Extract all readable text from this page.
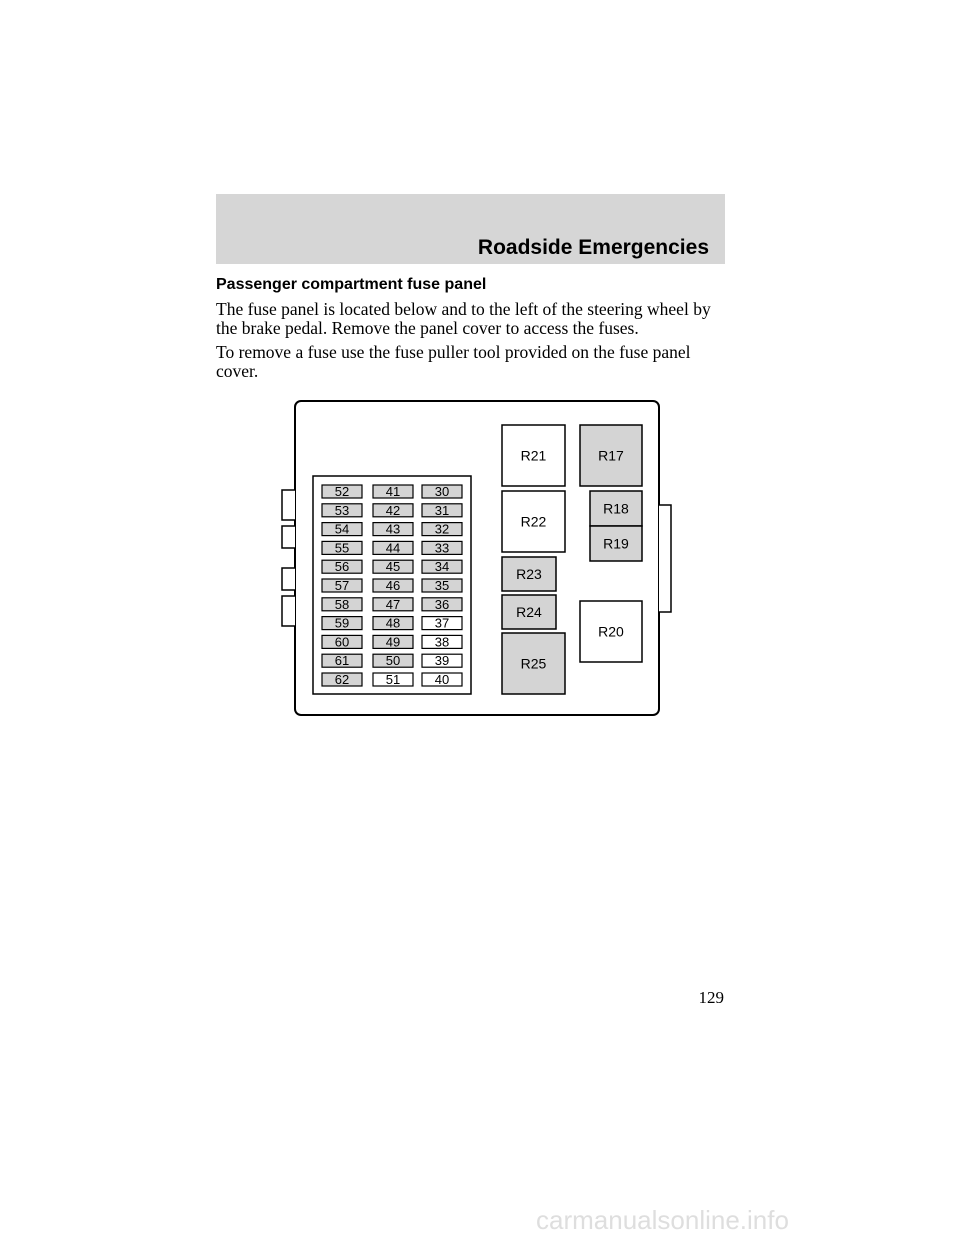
Roadside Emergencies
Passenger compartment fuse panel

The fuse panel is located below and to the left of the steering wheel by the brake pedal. Remove the panel cover to access the fuses.

To remove a fuse use the fuse puller tool provided on the fuse panel cover.

52
53
54
55
56
57
58
59
60
61
62
41
42
43
44
45
46
47
48
49
50
51
30
31
32
33
34
35
36
37
38
39
40
R21	R17
R22
R18
R19
R23
R24
R20
R25
129
carmanualsonline.info
